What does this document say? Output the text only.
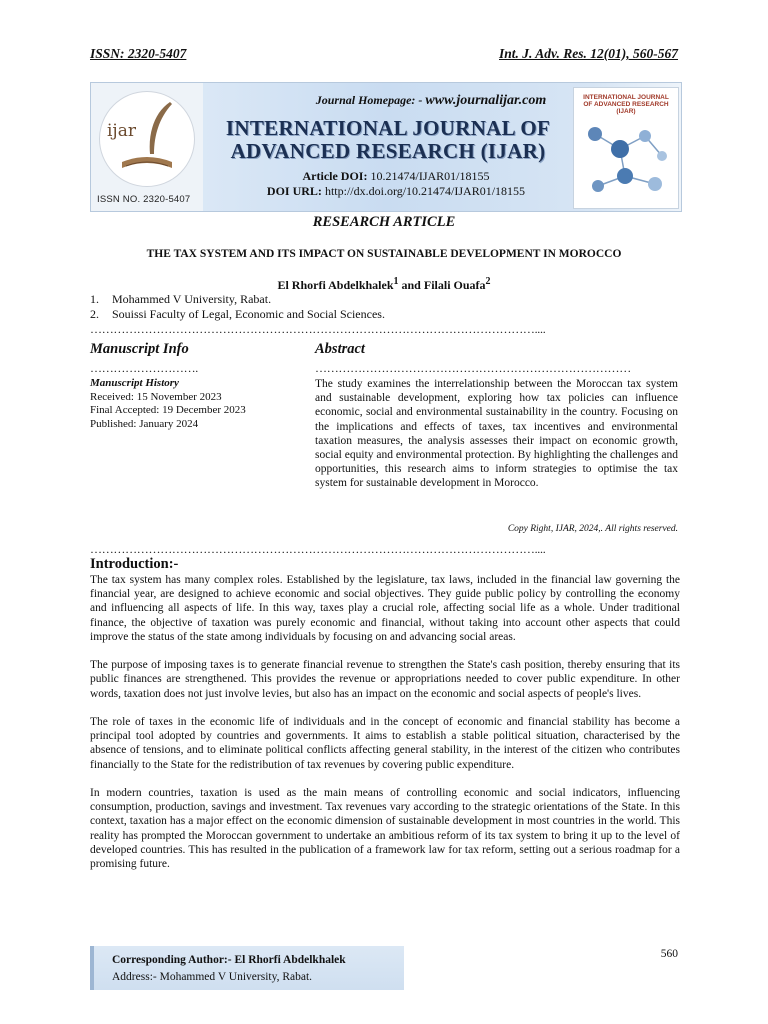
ISSN: 2320-5407	Int. J. Adv. Res. 12(01), 560-567
ijar
ISSN NO. 2320-5407
Journal Homepage: - www.journalijar.com
INTERNATIONAL JOURNAL OF
ADVANCED RESEARCH (IJAR)
Article DOI: 10.21474/IJAR01/18155
DOI URL: http://dx.doi.org/10.21474/IJAR01/18155
INTERNATIONAL JOURNAL OF ADVANCED RESEARCH (IJAR)
RESEARCH ARTICLE
THE TAX SYSTEM AND ITS IMPACT ON SUSTAINABLE DEVELOPMENT IN MOROCCO
El Rhorfi Abdelkhalek$^1$ and Filali Ouafa$^2$
1. Mohammed V University, Rabat.
2. Souissi Faculty of Legal, Economic and Social Sciences.
……………………………………………………………………………………………………....
Manuscript Info	Abstract
……………………….	………………………………………………………………………
Manuscript History
Received: 15 November 2023
Final Accepted: 19 December 2023
Published: January 2024
The study examines the interrelationship between the Moroccan tax system and sustainable development, exploring how tax policies can influence economic, social and environmental sustainability in the country. Focusing on the implications and effects of taxes, tax incentives and environmental taxation measures, the analysis assesses their impact on economic growth, social equity and environmental protection. By highlighting the challenges and opportunities, this research aims to inform strategies to optimise the tax system for sustainable development in Morocco.
Copy Right, IJAR, 2024,. All rights reserved.
……………………………………………………………………………………………………....
Introduction:-

The tax system has many complex roles. Established by the legislature, tax laws, included in the financial law governing the financial year, are designed to achieve economic and social objectives. They guide public policy by controlling the economy and influencing all aspects of life. In this way, taxes play a crucial role, affecting social life as a whole. Under traditional finance, the objective of taxation was purely economic and financial, without taking into account other aspects that could improve the status of the state among individuals by focusing on and advancing social areas.

The purpose of imposing taxes is to generate financial revenue to strengthen the State's cash position, thereby ensuring that its public finances are strengthened. This provides the revenue or appropriations needed to cover public expenditure. In other words, taxation does not just involve levies, but also has an impact on the economic and social aspects of people's lives.

The role of taxes in the economic life of individuals and in the concept of economic and financial stability has become a principal tool adopted by countries and governments. It aims to establish a stable political situation, characterised by the absence of tensions, and to eliminate political conflicts affecting general stability, in the interest of the citizen who contributes financially to the State for the redistribution of tax revenues by covering public expenditure.

In modern countries, taxation is used as the main means of controlling economic and social indicators, influencing consumption, production, savings and investment. Tax revenues vary according to the strategic orientations of the State. In this context, taxation has a major effect on the economic dimension of sustainable development in most countries in the world. This reality has prompted the Moroccan government to undertake an ambitious reform of its tax system to bring it up to the level of developed countries. This has resulted in the publication of a framework law for tax reform, setting out a serious roadmap for a promising future.

560
Corresponding Author:- El Rhorfi Abdelkhalek
Address:- Mohammed V University, Rabat.
